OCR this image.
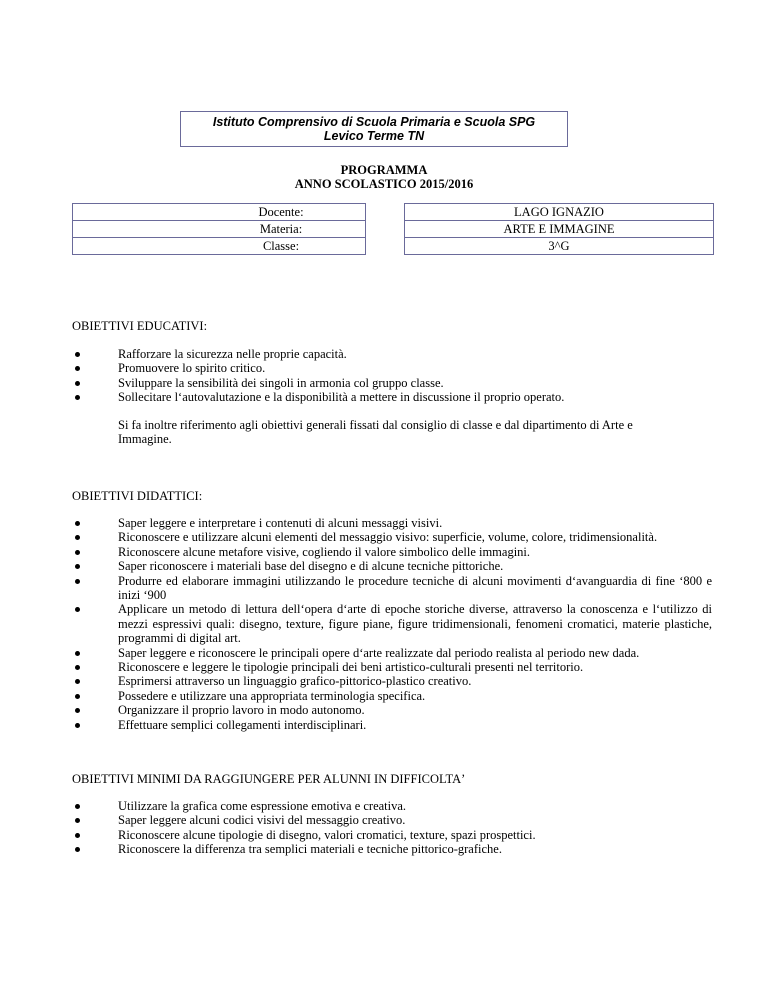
Istituto Comprensivo di Scuola Primaria e Scuola SPG
Levico Terme TN
PROGRAMMA
ANNO SCOLASTICO 2015/2016
	Docente:		LAGO IGNAZIO
	Materia:		ARTE E IMMAGINE
	Classe:		3^G
OBIETTIVI EDUCATIVI:
Rafforzare la sicurezza nelle proprie capacità.
Promuovere lo spirito critico.
Sviluppare la sensibilità dei singoli in armonia col gruppo classe.
Sollecitare lʻautovalutazione e la disponibilità a mettere in discussione il proprio operato.
Si fa inoltre riferimento agli obiettivi generali fissati dal consiglio di classe e dal dipartimento di Arte e Immagine.
OBIETTIVI DIDATTICI:
Saper leggere e interpretare i contenuti di alcuni messaggi visivi.
Riconoscere e utilizzare alcuni elementi del messaggio visivo: superficie, volume, colore, tridimensionalità.
Riconoscere alcune metafore visive, cogliendo il valore simbolico delle immagini.
Saper riconoscere i materiali base del disegno e di alcune tecniche pittoriche.
Produrre ed elaborare immagini utilizzando le procedure tecniche di alcuni movimenti dʻavanguardia di fine ʻ800 e inizi ʻ900
Applicare un metodo di lettura dellʻopera dʻarte di epoche storiche diverse, attraverso la conoscenza e lʻutilizzo di mezzi espressivi quali: disegno, texture, figure piane, figure tridimensionali, fenomeni cromatici, materie plastiche, programmi di digital art.
Saper leggere e riconoscere le principali opere dʻarte realizzate dal periodo realista al periodo new dada.
Riconoscere e leggere le tipologie principali dei beni artistico-culturali presenti nel territorio.
Esprimersi attraverso un linguaggio grafico-pittorico-plastico creativo.
Possedere e utilizzare una appropriata terminologia specifica.
Organizzare il proprio lavoro in modo autonomo.
Effettuare semplici collegamenti interdisciplinari.
OBIETTIVI MINIMI DA RAGGIUNGERE PER ALUNNI IN DIFFICOLTAʼ
Utilizzare la grafica come espressione emotiva e creativa.
Saper leggere alcuni codici visivi del messaggio creativo.
Riconoscere alcune tipologie di disegno, valori cromatici, texture, spazi prospettici.
Riconoscere la differenza tra semplici materiali e tecniche pittorico-grafiche.
